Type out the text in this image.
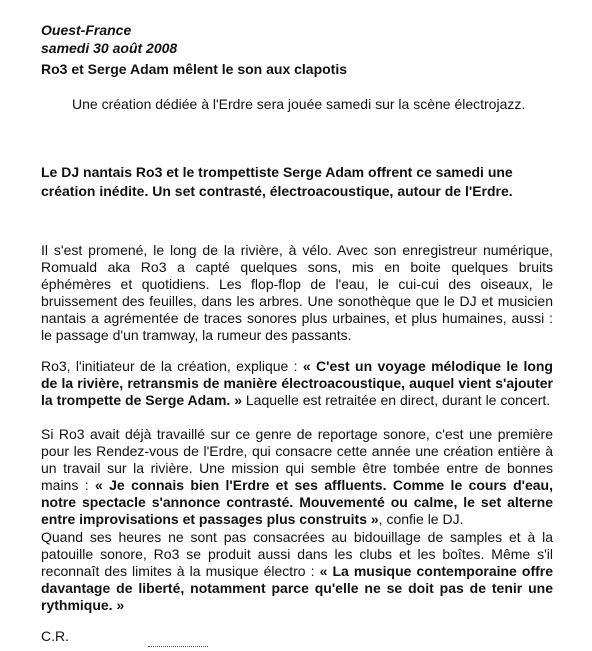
Ouest-France
samedi 30 août 2008
Ro3 et Serge Adam mêlent le son aux clapotis
Une création dédiée à l'Erdre sera jouée samedi sur la scène électrojazz.
Le DJ nantais Ro3 et le trompettiste Serge Adam offrent ce samedi une création inédite. Un set contrasté, électroacoustique, autour de l'Erdre.

Il s'est promené, le long de la rivière, à vélo. Avec son enregistreur numérique, Romuald aka Ro3 a capté quelques sons, mis en boite quelques bruits éphémères et quotidiens. Les flop-flop de l'eau, le cui-cui des oiseaux, le bruissement des feuilles, dans les arbres. Une sonothèque que le DJ et musicien nantais a agrémentée de traces sonores plus urbaines, et plus humaines, aussi : le passage d'un tramway, la rumeur des passants.

Ro3, l'initiateur de la création, explique : « C'est un voyage mélodique le long de la rivière, retransmis de manière électroacoustique, auquel vient s'ajouter la trompette de Serge Adam. » Laquelle est retraitée en direct, durant le concert.

Si Ro3 avait déjà travaillé sur ce genre de reportage sonore, c'est une première pour les Rendez-vous de l'Erdre, qui consacre cette année une création entière à un travail sur la rivière. Une mission qui semble être tombée entre de bonnes mains : « Je connais bien l'Erdre et ses affluents. Comme le cours d'eau, notre spectacle s'annonce contrasté. Mouvementé ou calme, le set alterne entre improvisations et passages plus construits », confie le DJ.

Quand ses heures ne sont pas consacrées au bidouillage de samples et à la patouille sonore, Ro3 se produit aussi dans les clubs et les boîtes. Même s'il reconnaît des limites à la musique électro : « La musique contemporaine offre davantage de liberté, notamment parce qu'elle ne se doit pas de tenir une rythmique. »

C.R.
